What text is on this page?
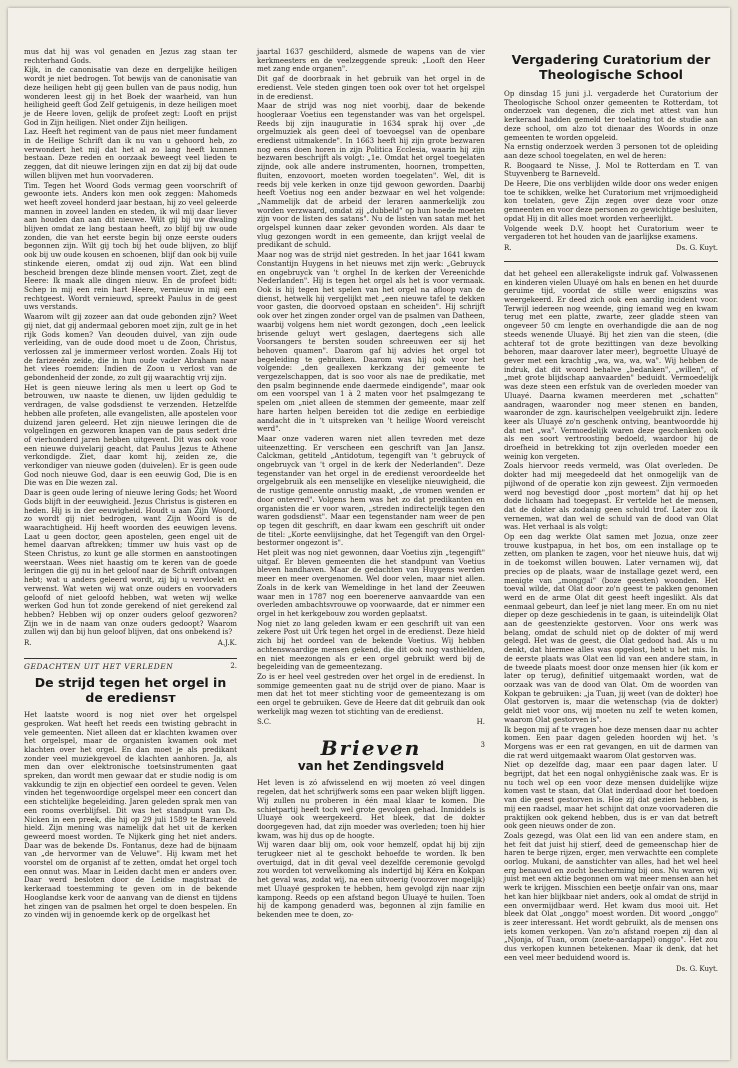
mus dat hij was vol genaden en Jezus zag staan ter rechterhand Gods.

Kijk, in de canonisatie van deze en dergelijke heiligen wordt je niet bedrogen. Tot bewijs van de canonisatie van deze heiligen hebt gij geen bullen van de paus nodig, hun wonderen leest gij in het Boek der waarheid, van hun heiligheid geeft God Zelf getuigenis, in deze heiligen moet je de Heere loven, gelijk de profeet zegt: Looft en prijst God in Zijn heiligen. Niet onder Zijn heiligen.

Laz. Heeft het regiment van de paus niet meer fundament in de Heilige Schrift dan ik nu van u gehoord heb, zo verwondert het mij dat het al zo lang heeft kunnen bestaan. Deze reden en oorzaak beweegt veel lieden te zeggen, dat dit nieuwe leringen zijn en dat zij bij dat oude willen blijven met hun voorvaderen.

Tim. Tegen het Woord Gods vermag geen voorschrift of gewoonte iets. Anders kon men ook zeggen: Mahomeds wet heeft zoveel honderd jaar bestaan, hij zo veel geleerde mannen in zoveel landen en steden, ik wil mij daar liever aan houden dan aan dit nieuwe. Wilt gij bij uw dwaling blijven omdat ze lang bestaan heeft, zo blijf bij uw oude zonden, die van het eerste begin bij onze eerste ouders begonnen zijn. Wilt gij toch bij het oude blijven, zo blijf ook bij uw oude kousen en schoenen, blijf dan ook bij vuile stinkende eieren, omdat zij oud zijn. Wat een blind bescheid brengen deze blinde mensen voort. Ziet, zegt de Heere: Ik maak alle dingen nieuw. En de profeet bidt: Schep in mij een rein hart Heere, vernieuw in mij een rechtgeest. Wordt vernieuwd, spreekt Paulus in de geest uws verstands.

Waarom wilt gij zozeer aan dat oude gebonden zijn? Weet gij niet, dat gij andermaal geboren moet zijn, zult ge in het rijk Gods komen? Van deouden duivel, van zijn oude verleiding, van de oude dood moet u de Zoon, Christus, verlossen zal je immermeer verlost worden. Zoals Hij tot de farizeeën zeide, die in hun oude vader Abraham naar het vlees roemden: Indien de Zoon u verlost van de gebondenheid der zonde, zo zult gij waarachtig vrij zijn.

Het is geen nieuwe lering als men u leert op God te betrouwen, uw naaste te dienen, uw lijden geduldig te verdragen, de valse godsdienst te verzenden. Hetzelfde hebben alle profeten, alle evangelisten, alle apostelen voor duizend jaren geleerd. Het zijn nieuwe leringen die de volgelingen en gezworen knapen van de paus sedert drie of vierhonderd jaren hebben uitgevent. Dit was ook voor een nieuwe duivelarij geacht, dat Paulus Jezus te Athene verkondigde. Ziet, daar komt hij, zeiden ze, die verkondiger van nieuwe goden (duivelen). Er is geen oude God noch nieuwe God, daar is een eeuwig God, Die is en Die was en Die wezen zal.

Daar is geen oude lering of nieuwe lering Gods; het Woord Gods blijft in der eeuwigheid. Jezus Christus is gisteren en heden. Hij is in der eeuwigheid. Houdt u aan Zijn Woord, zo wordt gij niet bedrogen, want Zijn Woord is de waarachtigheid. Hij heeft woorden des eeuwigen levens. Laat u geen doctor, geen apostelen, geen engel uit de hemel daarvan aftrekken; timmer uw huis vast op de Steen Christus, zo kunt ge alle stormen en aanstootingen weerstaan. Wees niet haastig om te keren van de goede leringen die gij nu in het geloof naar de Schrift ontvangen hebt; wat u anders geleerd wordt, zij bij u vervloekt en verwenst. Wat weten wij wat onze ouders en voorvaders geloofd of niet geloofd hebben, wat weten wij welke werken God hun tot zonde gerekend of niet gerekend zal hebben? Hebben wij op onzer ouders geloof gezworen? Zijn we in de naam van onze ouders gedoopt? Waarom zullen wij dan bij hun geloof blijven, dat ons onbekend is?

R.	A.J.K.
GEDACHTEN UIT HET VERLEDEN	2.
De strijd tegen het orgel in de erediensт

Het laatste woord is nog niet over het orgelspel gesproken. Wat heeft het reeds een twisting gebracht in vele gemeenten. Niet alleen dat er klachten kwamen over het orgelspel, maar de organisten kwamen ook met klachten over het orgel. En dan moet je als predikant zonder veel muziekgevoel de klachten aanhoren. Ja, als men dan over elektronische toetsinstrumenten gaat spreken, dan wordt men gewaar dat er studie nodig is om vakkundig te zijn en objectief een oordeel te geven. Velen vinden het tegenwoordige orgelspel meer een concert dan een stichtelijke begeleiding. Jaren geleden sprak men van een rooms overblijfsel. Dit was het standpunt van Ds. Nicken in een preek, die hij op 29 juli 1589 te Barneveld hield. Zijn mening was namelijk dat het uit de kerken geweerd moest worden. Te Nijkerk ging het niet anders. Daar was de bekende Ds. Fontanus, deze had de bijnaam van „de hervormer van de Veluwe". Hij kwam met het voorstel om de organist af te zetten, omdat het orgel toch een onnut was. Maar in Leiden dacht men er anders over. Daar werd besloten door de Leidse magistraat de kerkeraad toestemming te geven om in de bekende Hooglandse kerk voor de aanvang van de dienst en tijdens het zingen van de psalmen het orgel te doen bespelen. En zo vinden wij in genoemde kerk op de orgelkast het

jaartal 1637 geschilderd, alsmede de wapens van de vier kerkmeesters en de veelzeggende spreuk: „Looft den Heer met zang ende organen".

Dit gaf de doorbraak in het gebruik van het orgel in de eredienst. Vele steden gingen toen ook over tot het orgelspel in de eredienst.

Maar de strijd was nog niet voorbij, daar de bekende hoogleraar Voetius een tegenstander was van het orgelspel. Reeds bij zijn inauguratie in 1634 sprak hij over „de orgelmuziek als geen deel of toevoegsel van de openbare eredienst uitmakende". In 1663 heeft hij zijn grote bezwaren nog eens doen horen in zijn Politica Ecclesia, waarin hij zijn bezwaren beschrijft als volgt: „1e. Omdat het orgel toegelaten zijnde, ook alle andere instrumenten, hoornen, trompetten, fluiten, enzovoort, moeten worden toegelaten". Wel, dit is reeds bij vele kerken in onze tijd gewoon geworden. Daarbij heeft Voetius nog een ander bezwaar en wel het volgende: „Nammelijk dat de arbeid der leraren aanmerkelijk zou worden verzwaard, omdat zij „dubbeld" op hun hoede moeten zijn voor de listen des satans". Nu de listen van satan met het orgelspel kunnen daar zeker gevonden worden. Als daar te vlug gezongen wordt in een gemeente, dan krijgt veelal de predikant de schuld.

Maar nog was de strijd niet gestreden. In het jaar 1641 kwam Constantijn Huygens in het nieuws met zijn werk: „Gebruyck en ongebruyck van 't orghel In de kerken der Vereenichde Nederlanden". Hij is tegen het orgel als het is voor vermaak. Ook is hij tegen het spelen van het orgel na afloop van de dienst, hetwelk hij vergelijkt met „een nieuwe tafel te dekken voor gasten, die doorvoed opstaan en scheiden". Hij schrijft ook over het zingen zonder orgel van de psalmen van Datheen, waarbij volgens hem niet wordt gezongen, doch „een leelick brisende geluyt wert geslagen, daertegens sich alle Voorsangers te bersten souden schreeuwen eer sij het behoven quamen". Daarom gaf hij advies het orgel tot begeleiding te gebruiken. Daarom was hij ook voor het volgende: „den geallexen kerkzang der gemeente te vergezelschappen, dat is soo voor als nae de predikatie, met den psalm beginnende ende daermede eindigende", maar ook om een voorspel van 1 à 2 maten voor het psalmgezang te spelen om „niet alleen de stemmen der gemeente, maar zelf hare harten helpen bereiden tot die zedige en eerbiedige aandacht die in 't uitspreken van 't heilige Woord vereischt werd".

Maar onze vaderen waren niet allen tevreden met deze uiteenzetting. Er verscheen een geschrift van Jan Jansz. Calckman, getiteld „Antidotum, tegengift van 't gebruyck of ongebruyck van 't orgel in de kerk der Nederlanden". Deze tegenstander van het orgel in de eredienst veroordeelde het orgelgebruik als een menselijke en vleselijke nieuwigheid, die de rustige gemeente onrustig maakt, „de vromen wenden er door ontevred". Volgens hem was het zo dat predikanten en organisten die er voor waren, „streden indirectelijk tegen den waren godsdienst". Maar een tegenstander nam weer de pen op tegen dit geschrift, en daar kwam een geschrift uit onder de titel: „Korte eenvlijsinghe, dat het Tegengift van den Orgel-bestormer ongezont is".

Het pleit was nog niet gewonnen, daar Voetius zijn „tegengift" uitgaf. Er bleven gemeenten die het standpunt van Voetius bleven handhaven. Maar de gedachten van Huygens werden meer en meer overgenomen. Wel door velen, maar niet allen. Zoals in de kerk van Wemeldinge in het land der Zeeuwen waar men in 1787 nog een boerenerve aanvaardde van een overleden ambachtsvrouwe op voorwaarde, dat er nimmer een orgel in het kerkgebouw zou worden geplaatst.

Nog niet zo lang geleden kwam er een geschrift uit van een zekere Post uit Urk tegen het orgel in de eredienst. Deze hield zich bij het oordeel van de bekende Voetius. Wij hebben achtenswaardige mensen gekend, die dit ook nog vasthielden, en niet meezongen als er een orgel gebruikt werd bij de begeleiding van de gemeentezang.

Zo is er heel veel gestreden over het orgel in de eredienst. In sommige gemeenten gaat nu de strijd over de piano. Maar is men dat het tot meer stichting voor de gemeentezang is om een orgel te gebruiken. Geve de Heere dat dit gebruik dan ook werkelijk mag wezen tot stichting van de eredienst.

S.C.	H.
Brieven
van het Zendingsveld
3

Het leven is zó afwisselend en wij moeten zó veel dingen regelen, dat het schrijfwerk soms een paar weken blijft liggen. Wij zullen nu proberen in één maal klaar te komen. Die schietpartij heeft toch wel grote gevolgen gehad. Inmiddels is Uluayé ook weergekeerd. Het bleek, dat de dokter doorgegeven had, dat zijn moeder was overleden; toen hij hier kwam, was hij dus op de hoogte.

Wij waren daar blij om, ook voor hemzelf, opdat hij bij zijn terugkeer niet al te geschokt behoefde te worden. Ik ben overtuigd, dat in dit geval veel dezelfde ceremonie gevolgd zou worden tot verwelkoming als indertijd bij Kéra en Kokpan het geval was, zodat wij, na een uitvoerig (voorzover mogelijk) met Uluayé gesproken te hebben, hem gevolgd zijn naar zijn kampong. Reeds op een afstand begon Uluayé te huilen. Toen hij de kampong genaderd was, begonnen al zijn familie en bekenden mee te doen, zo-

Vergadering Curatorium der Theologische School

Op dinsdag 15 juni j.l. vergaderde het Curatorium der Theologische School onzer gemeenten te Rotterdam, tot onderzoek van degenen, die zich met attest van hun kerkeraad hadden gemeld ter toelating tot de studie aan deze school, om alzo tot dienaar des Woords in onze gemeenten te worden opgeleid.

Na ernstig onderzoek werden 3 personen tot de opleiding aan deze school toegelaten, en wel de heren:

R. Boogaard te Nisse, J. Mol te Rotterdam en T. van Stuyvenberg te Barneveld.

De Heere, Die ons verblijden wilde door ons weder enigen toe te schikken, welke het Curatorium met vrijmoedigheid kon toelaten, geve Zijn zegen over deze voor onze gemeenten en voor deze personen zo gewichtige besluiten, opdat Hij in dit alles moet worden verheerlijkt.

Volgende week D.V. hoopt het Curatorium weer te vergaderen tot het houden van de jaarlijkse examens.

R.	Ds. G. Kuyt.

dat het geheel een allerakeligste indruk gaf. Volwassenen en kinderen vielen Uluayé om hals en benen en het duurde geruime tijd, voordat de stille weer enigszins was weergekeerd. Er deed zich ook een aardig incident voor. Terwijl iedereen nog weende, ging iemand weg en kwam terug met een platte, zwarte, zeer gladde steen van ongeveer 50 cm lengte en overhandigde die aan de nog steeds wenende Uluayé. Bij het zien van die steen, (die achteraf tot de grote bezittingen van deze bevolking behoren, maar daarover later meer), begroette Uluayé de gever met een krachtig „wa, wa, wa, wa". Wij hebben de indruk, dat dit woord behalve „bedanken", „willen", of „met grote blijdschap aanvaarden" beduidt. Vermoedelijk was deze steen een erfstuk van de overleden moeder van Uluayé. Daarna kwamen meerderen met „schatten" aandragen, waaronder nog meer stenen en banden, waaronder de zgn. kaurischelpen veelgebruikt zijn. Iedere keer als Uluayé zo'n geschenk ontving, beantwoordde hij dat met „wa". Vermoedelijk waren deze geschenken ook als een soort vertroosting bedoeld, waardoor hij de droefheid in betrekking tot zijn overleden moeder een weinig kon vergeten.

Zoals hiervoor reeds vermeld, was Olat overleden. De dokter had mij meegedeeld dat het onmogelijk van de pijlwond of de operatie kon zijn geweest. Zijn vermoeden werd nog bevestigd door „post mortem" dat hij op het dode lichaam had toegepast. Er vertelde het de mensen, dat de dokter als zodanig geen schuld trof. Later zou ik vernemen, wat dan wel de schuld van de dood van Olat was. Het verhaal is als volgt:

Op een dag werkte Olat samen met Jozua, onze zeer trouwe kustpapua, in het bos, om een installage op te zetten, om planken te zagen, voor het nieuwe huis, dat wij in de toekomst willen bouwen. Later vernamen wij, dat precies op de plaats, waar de installage gezet werd, een menigte van „monggai" (boze geesten) woonden. Het toeval wilde, dat Olat door zo'n geest te pakken genomen werd en de arme Olat dit geest heeft ingeslikt. Als dat eenmaal gebeurt, dan leef je niet lang meer. En om nu niet dieper op deze geschiedenis in te gaan, is uiteindelijk Olat aan de geestenziekte gestorven. Voor ons werk was belang, omdat de schuld niet op de dokter of mij werd gelegd. Het was de geest, die Olat gedood had. Als u nu denkt, dat hiermee alles was opgelost, hebt u het mis. In de eerste plaats was Olat een lid van een andere stam, in de tweede plaats moest door onze mensen hier (ik kom er later op terug), definitief uitgemaakt worden, wat de oorzaak was van de dood van Olat. Om de woorden van Kokpan te gebruiken: „ja Tuan, jij weet (van de dokter) hoe Olat gestorven is, maar die wetenschap (via de dokter) geldt niet voor ons, wij moeten nu zelf te weten komen, waarom Olat gestorven is".

Ik begon mij af te vragen hoe deze mensen daar nu achter komen. Een paar dagen geleden hoorden wij het. 's Morgens was er een rat gevangen, en uit de darmen van die rat werd uitgemaakt waarom Olat gestorven was.

Niet op dezelfde dag, maar een paar dagen later. U begrijpt, dat het een nogal onhygiënische zaak was. Er is nu toch wel op een voor deze mensen duidelijke wijze komen vast te staan, dat Olat inderdaad door het toedoen van die geest gestorven is. Hoe zij dat gezien hebben, is mij een raadsel, maar het schijnt dat onze voorvaderen die praktijken ook gekend hebben, dus is er van dat betreft ook geen nieuws onder de zon.

Zoals gezegd, was Olat een lid van een andere stam, en het feit dat juist hij stierf, deed de gemeenschap hier de haren te berge rijzen, erger, men verwachtte een complete oorlog. Mukani, de aanstichter van alles, had het wel heel erg benauwd en zocht bescherming bij ons. Nu waren wij juist met een aktie begonnen om wat meer mensen aan het werk te krijgen. Misschien een beetje onfair van ons, maar het kan hier blijkbaar niet anders, ook al omdat de strijd in een onvermijdbaar werd. Het kwam dus mooi uit. Het bleek dat Olat „onggo" moest worden. Dit woord „onggo" is zeer interessant. Het wordt gebruikt, als de mensen ons iets komen verkopen. Van zo'n afstand roepen zij dan al „Njonja, of Tuan, orom (zoete-aardappel) onggo". Het zou dus verkopen kunnen betekenen. Maar ik denk, dat het een veel meer beduidend woord is.

Ds. G. Kuyt.
